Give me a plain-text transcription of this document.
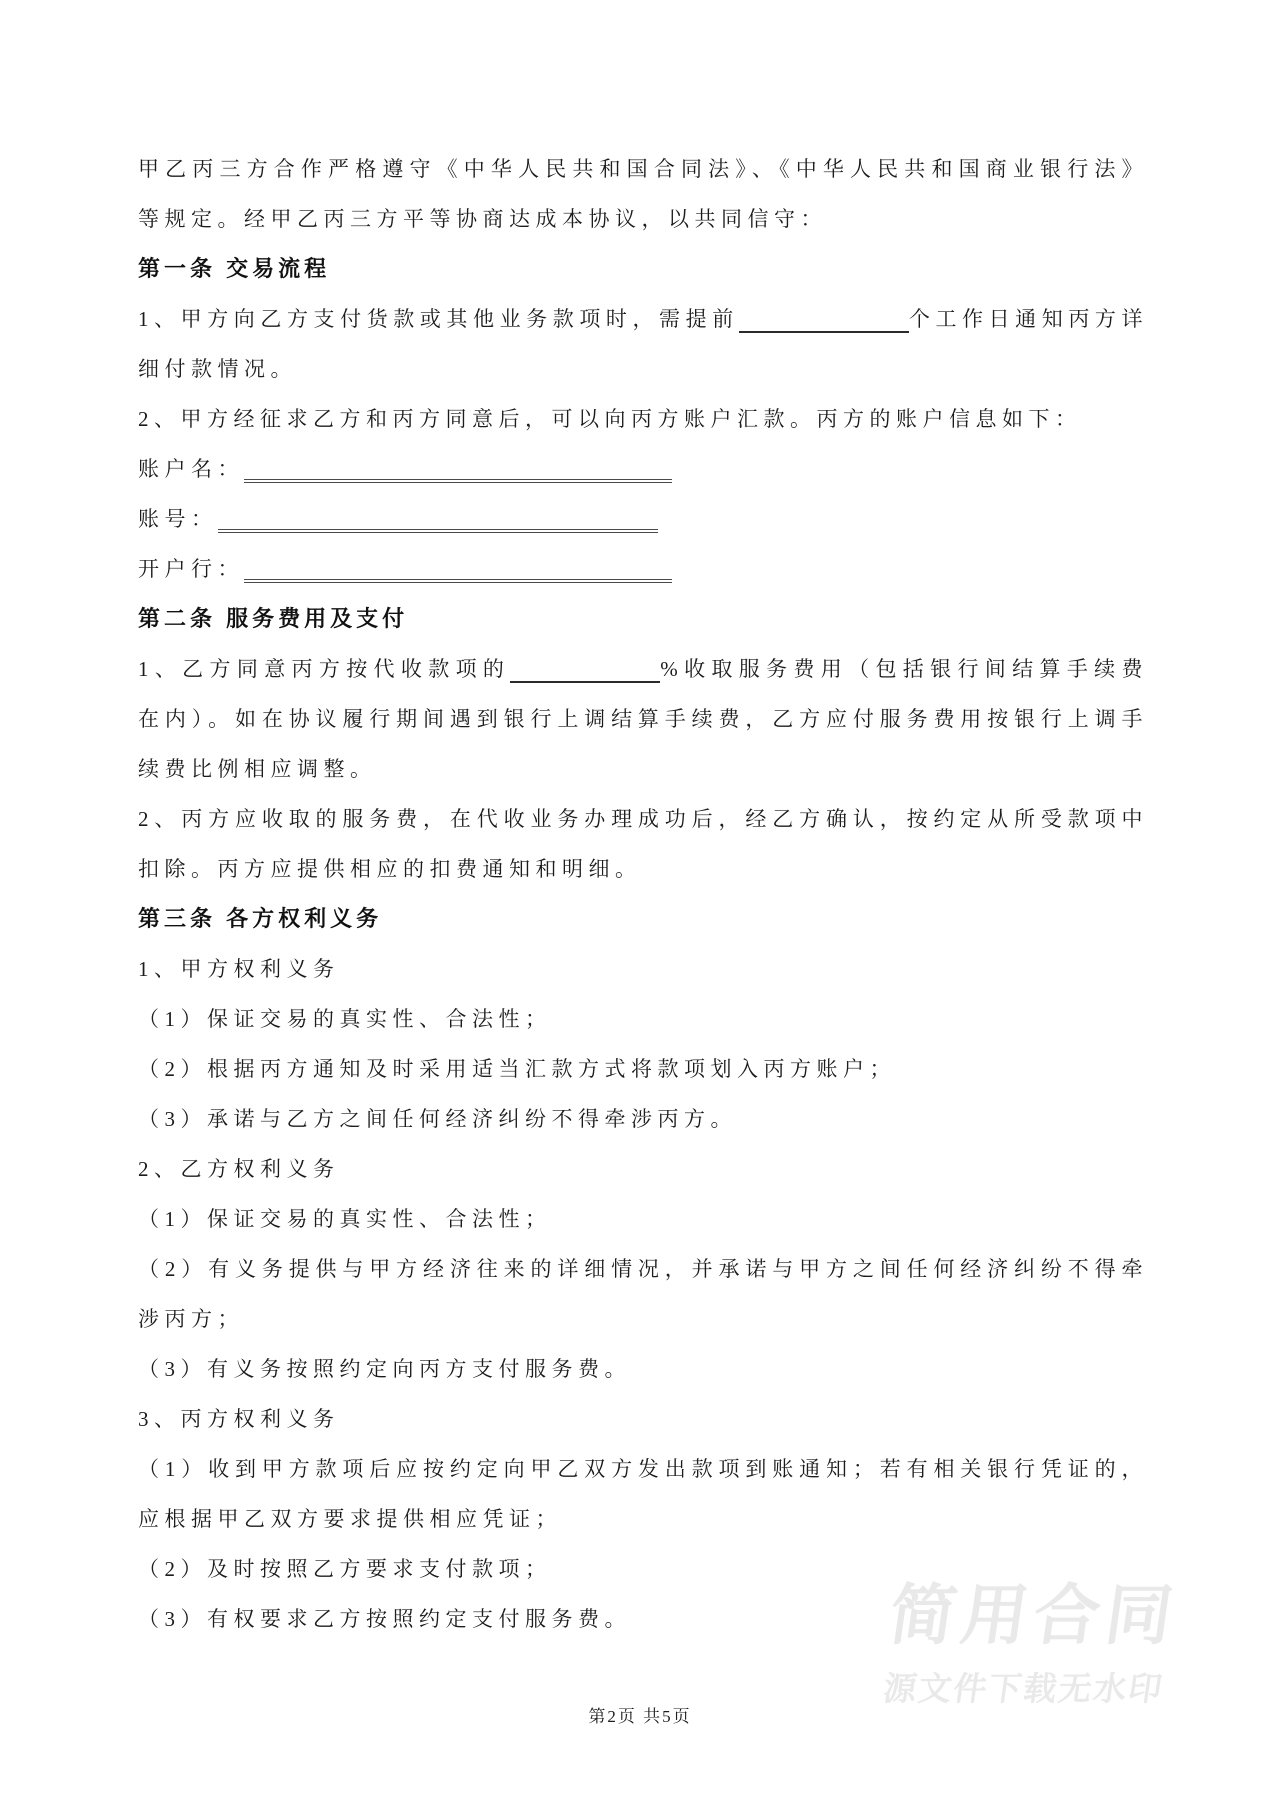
简用合同
源文件下载无水印

甲乙丙三方合作严格遵守《中华人民共和国合同法》、《中华人民共和国商业银行法》等规定。经甲乙丙三方平等协商达成本协议，以共同信守：

第一条 交易流程

1、甲方向乙方支付货款或其他业务款项时，需提前	个工作日通知丙方详细付款情况。

2、甲方经征求乙方和丙方同意后，可以向丙方账户汇款。丙方的账户信息如下：

账户名：

账号：

开户行：

第二条 服务费用及支付

1、乙方同意丙方按代收款项的	%收取服务费用（包括银行间结算手续费在内）。如在协议履行期间遇到银行上调结算手续费，乙方应付服务费用按银行上调手续费比例相应调整。

2、丙方应收取的服务费，在代收业务办理成功后，经乙方确认，按约定从所受款项中扣除。丙方应提供相应的扣费通知和明细。

第三条 各方权利义务

1、甲方权利义务

（1）保证交易的真实性、合法性；

（2）根据丙方通知及时采用适当汇款方式将款项划入丙方账户；

（3）承诺与乙方之间任何经济纠纷不得牵涉丙方。

2、乙方权利义务

（1）保证交易的真实性、合法性；

（2）有义务提供与甲方经济往来的详细情况，并承诺与甲方之间任何经济纠纷不得牵涉丙方；

（3）有义务按照约定向丙方支付服务费。

3、丙方权利义务

（1）收到甲方款项后应按约定向甲乙双方发出款项到账通知；若有相关银行凭证的，应根据甲乙双方要求提供相应凭证；

（2）及时按照乙方要求支付款项；

（3）有权要求乙方按照约定支付服务费。

第2页 共5页
